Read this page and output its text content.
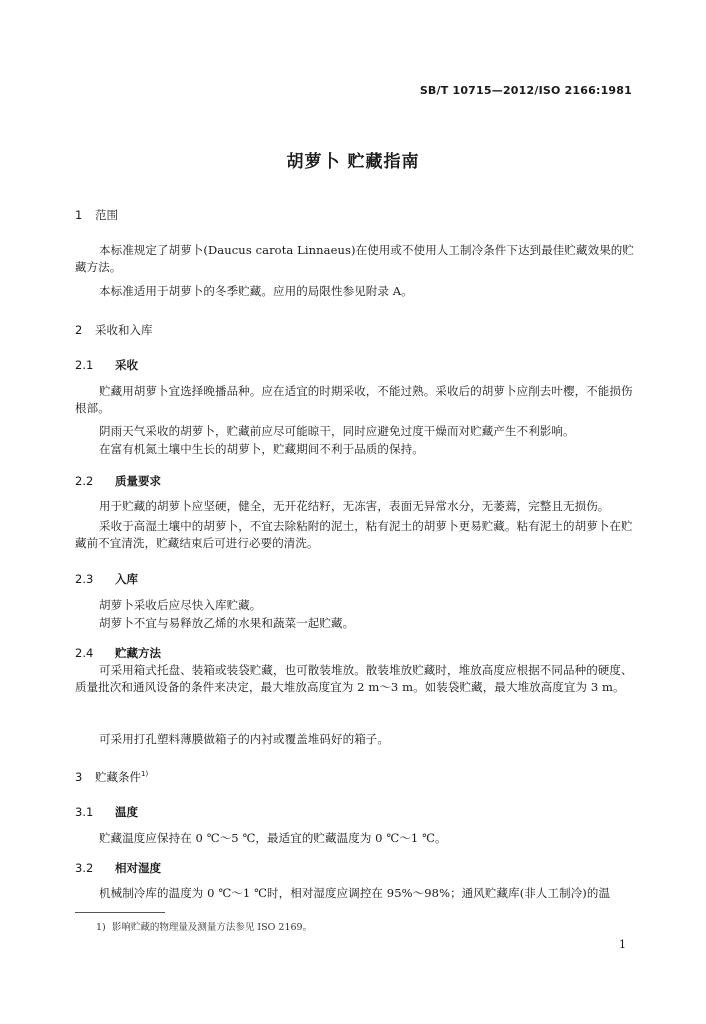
SB/T 10715—2012/ISO 2166:1981
胡萝卜 贮藏指南
1 范围
本标准规定了胡萝卜(Daucus carota Linnaeus)在使用或不使用人工制冷条件下达到最佳贮藏效果的贮藏方法。
本标准适用于胡萝卜的冬季贮藏。应用的局限性参见附录 A。
2 采收和入库
2.1 采收
贮藏用胡萝卜宜选择晚播品种。应在适宜的时期采收，不能过熟。采收后的胡萝卜应削去叶樱，不能损伤根部。
阴雨天气采收的胡萝卜，贮藏前应尽可能晾干，同时应避免过度干燥而对贮藏产生不利影响。
在富有机氮土壤中生长的胡萝卜，贮藏期间不利于品质的保持。
2.2 质量要求
用于贮藏的胡萝卜应坚硬，健全，无开花结籽，无冻害，表面无异常水分，无萎蔫，完整且无损伤。
采收于高湿土壤中的胡萝卜，不宜去除粘附的泥土，粘有泥土的胡萝卜更易贮藏。粘有泥土的胡萝卜在贮藏前不宜清洗，贮藏结束后可进行必要的清洗。
2.3 入库
胡萝卜采收后应尽快入库贮藏。
胡萝卜不宜与易释放乙烯的水果和蔬菜一起贮藏。
2.4 贮藏方法
可采用箱式托盘、装箱或装袋贮藏，也可散装堆放。散装堆放贮藏时，堆放高度应根据不同品种的硬度、质量批次和通风设备的条件来决定，最大堆放高度宜为 2 m～3 m。如装袋贮藏，最大堆放高度宜为 3 m。
可采用打孔塑料薄膜做箱子的内衬或覆盖堆码好的箱子。
3 贮藏条件$^{1)}$
3.1 温度
贮藏温度应保持在 0 ℃～5 ℃，最适宜的贮藏温度为 0 ℃～1 ℃。
3.2 相对湿度
机械制冷库的温度为 0 ℃～1 ℃时，相对湿度应调控在 95%～98%；通风贮藏库(非人工制冷)的温
1) 影响贮藏的物理量及测量方法参见 ISO 2169。
1
